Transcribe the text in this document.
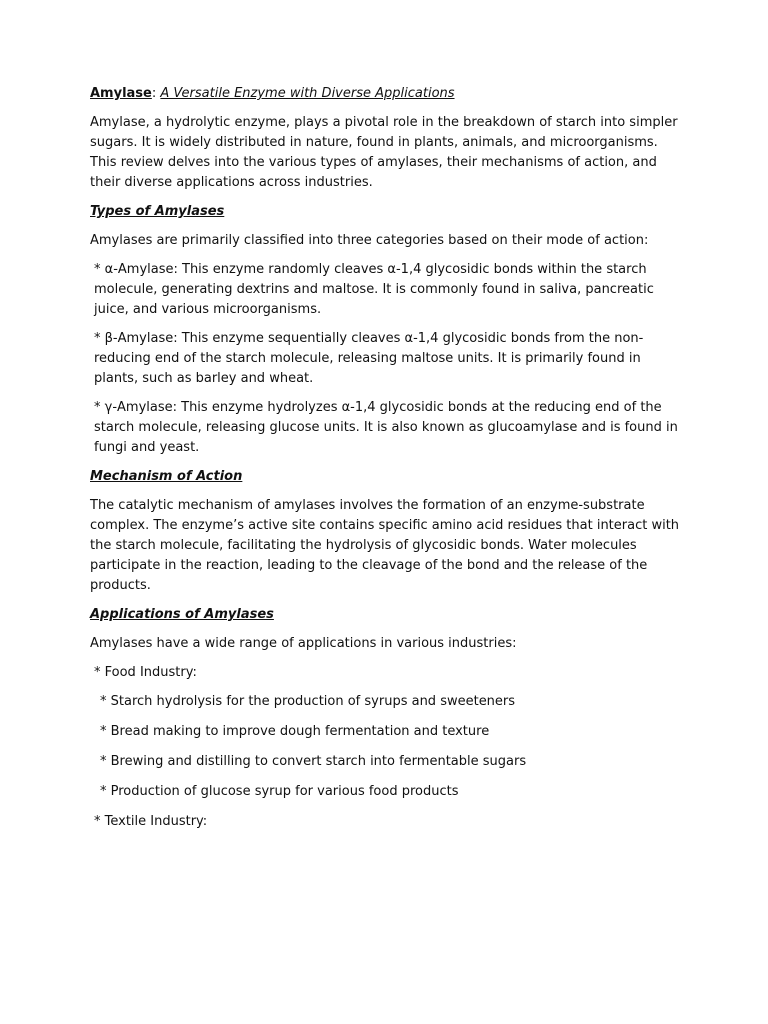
Amylase: A Versatile Enzyme with Diverse Applications

Amylase, a hydrolytic enzyme, plays a pivotal role in the breakdown of starch into simpler sugars. It is widely distributed in nature, found in plants, animals, and microorganisms. This review delves into the various types of amylases, their mechanisms of action, and their diverse applications across industries.

Types of Amylases

Amylases are primarily classified into three categories based on their mode of action:

* α-Amylase: This enzyme randomly cleaves α-1,4 glycosidic bonds within the starch molecule, generating dextrins and maltose. It is commonly found in saliva, pancreatic juice, and various microorganisms.

* β-Amylase: This enzyme sequentially cleaves α-1,4 glycosidic bonds from the non-reducing end of the starch molecule, releasing maltose units. It is primarily found in plants, such as barley and wheat.

* γ-Amylase: This enzyme hydrolyzes α-1,4 glycosidic bonds at the reducing end of the starch molecule, releasing glucose units. It is also known as glucoamylase and is found in fungi and yeast.

Mechanism of Action

The catalytic mechanism of amylases involves the formation of an enzyme-substrate complex. The enzyme’s active site contains specific amino acid residues that interact with the starch molecule, facilitating the hydrolysis of glycosidic bonds. Water molecules participate in the reaction, leading to the cleavage of the bond and the release of the products.

Applications of Amylases

Amylases have a wide range of applications in various industries:

* Food Industry:

* Starch hydrolysis for the production of syrups and sweeteners

* Bread making to improve dough fermentation and texture

* Brewing and distilling to convert starch into fermentable sugars

* Production of glucose syrup for various food products

* Textile Industry:
